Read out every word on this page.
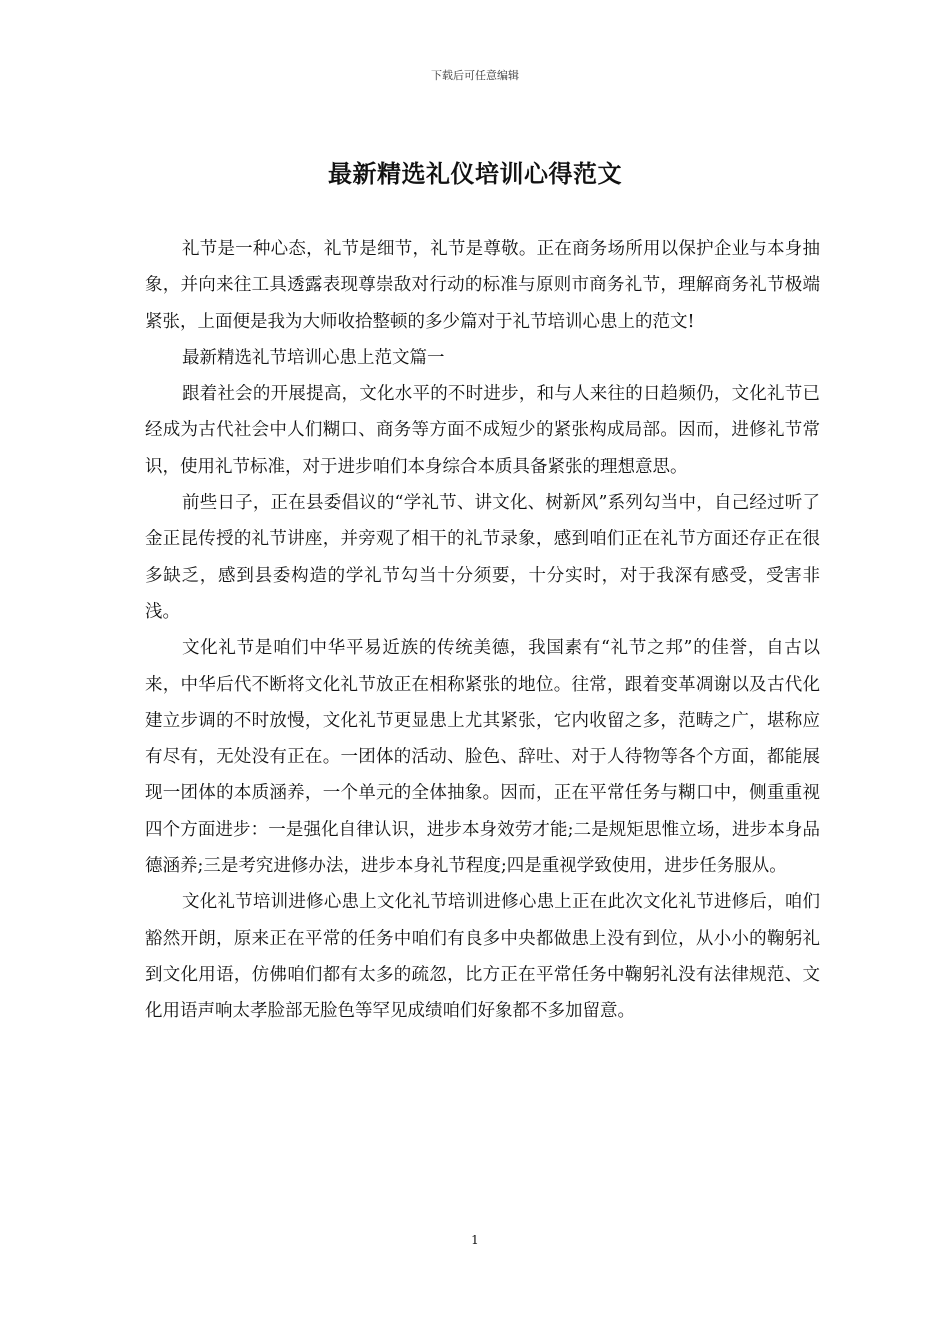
下载后可任意编辑
最新精选礼仪培训心得范文

礼节是一种心态，礼节是细节，礼节是尊敬。正在商务场所用以保护企业与本身抽象，并向来往工具透露表现尊崇敌对行动的标准与原则市商务礼节，理解商务礼节极端紧张，上面便是我为大师收拾整顿的多少篇对于礼节培训心患上的范文!

最新精选礼节培训心患上范文篇一

跟着社会的开展提高，文化水平的不时进步，和与人来往的日趋频仍，文化礼节已经成为古代社会中人们糊口、商务等方面不成短少的紧张构成局部。因而，进修礼节常识，使用礼节标准，对于进步咱们本身综合本质具备紧张的理想意思。

前些日子，正在县委倡议的“学礼节、讲文化、树新风”系列勾当中，自己经过听了金正昆传授的礼节讲座，并旁观了相干的礼节录象，感到咱们正在礼节方面还存正在很多缺乏，感到县委构造的学礼节勾当十分须要，十分实时，对于我深有感受，受害非浅。

文化礼节是咱们中华平易近族的传统美德，我国素有“礼节之邦”的佳誉，自古以来，中华后代不断将文化礼节放正在相称紧张的地位。往常，跟着变革凋谢以及古代化建立步调的不时放慢，文化礼节更显患上尤其紧张，它内收留之多，范畴之广，堪称应有尽有，无处没有正在。一团体的活动、脸色、辞吐、对于人待物等各个方面，都能展现一团体的本质涵养，一个单元的全体抽象。因而，正在平常任务与糊口中，侧重重视四个方面进步：一是强化自律认识，进步本身效劳才能;二是规矩思惟立场，进步本身品德涵养;三是考究进修办法，进步本身礼节程度;四是重视学致使用，进步任务服从。

文化礼节培训进修心患上文化礼节培训进修心患上正在此次文化礼节进修后，咱们豁然开朗，原来正在平常的任务中咱们有良多中央都做患上没有到位，从小小的鞠躬礼到文化用语，仿佛咱们都有太多的疏忽，比方正在平常任务中鞠躬礼没有法律规范、文化用语声响太孝脸部无脸色等罕见成绩咱们好象都不多加留意。

1
